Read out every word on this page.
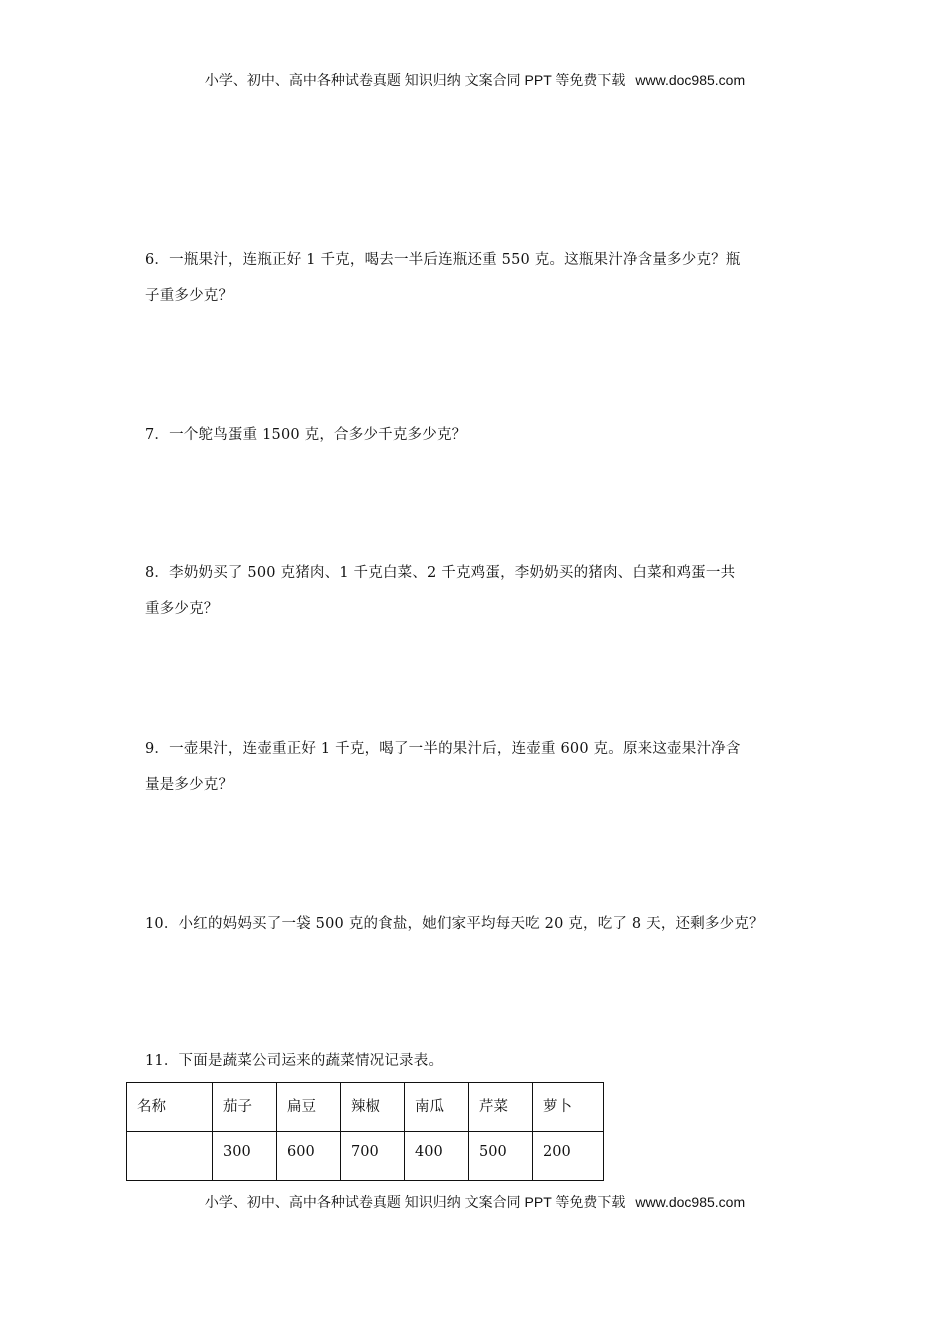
小学、初中、高中各种试卷真题 知识归纳 文案合同 PPT 等免费下载 www.doc985.com
6．一瓶果汁，连瓶正好 1 千克，喝去一半后连瓶还重 550 克。这瓶果汁净含量多少克？瓶
子重多少克？
7．一个鸵鸟蛋重 1500 克，合多少千克多少克？
8．李奶奶买了 500 克猪肉、1 千克白菜、2 千克鸡蛋，李奶奶买的猪肉、白菜和鸡蛋一共
重多少克？
9．一壶果汁，连壶重正好 1 千克，喝了一半的果汁后，连壶重 600 克。原来这壶果汁净含
量是多少克？
10．小红的妈妈买了一袋 500 克的食盐，她们家平均每天吃 20 克，吃了 8 天，还剩多少克？
11．下面是蔬菜公司运来的蔬菜情况记录表。
名称	茄子	扁豆	辣椒	南瓜	芹菜	萝卜
	300	600	700	400	500	200
小学、初中、高中各种试卷真题 知识归纳 文案合同 PPT 等免费下载 www.doc985.com
